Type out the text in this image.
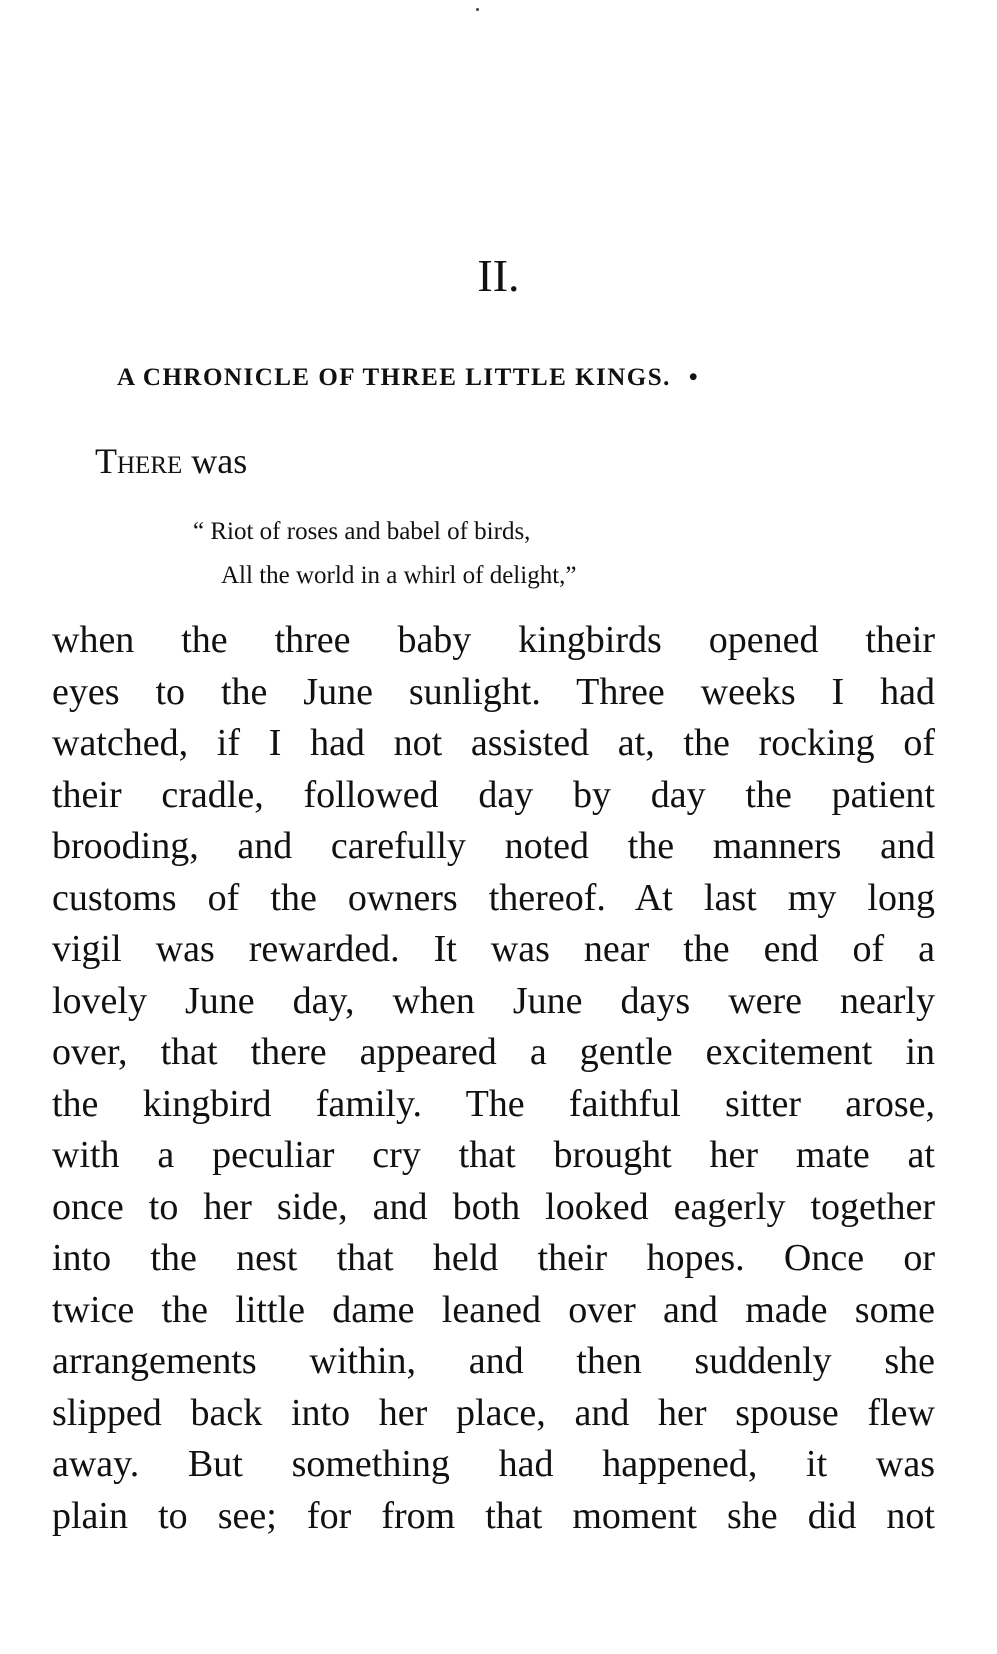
II.
A CHRONICLE OF THREE LITTLE KINGS. •
There was
“ Riot of roses and babel of birds,
All the world in a whirl of delight,”
when the three baby kingbirds opened their
eyes to the June sunlight. Three weeks I had
watched, if I had not assisted at, the rocking of
their cradle, followed day by day the patient
brooding, and carefully noted the manners and
customs of the owners thereof. At last my long
vigil was rewarded. It was near the end of a
lovely June day, when June days were nearly
over, that there appeared a gentle excitement in
the kingbird family. The faithful sitter arose,
with a peculiar cry that brought her mate at
once to her side, and both looked eagerly together
into the nest that held their hopes. Once or
twice the little dame leaned over and made some
arrangements within, and then suddenly she
slipped back into her place, and her spouse flew
away. But something had happened, it was
plain to see; for from that moment she did not
